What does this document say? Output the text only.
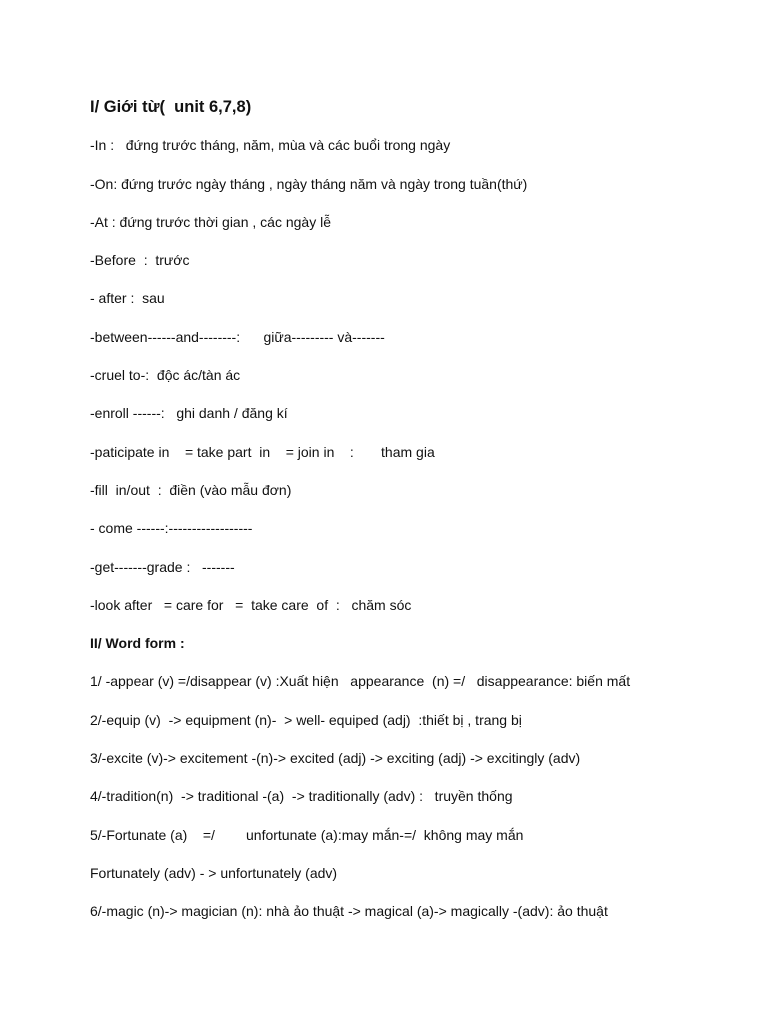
I/ Giới từ(  unit 6,7,8)
-In :   đứng trước tháng, năm, mùa và các buổi trong ngày
-On: đứng trước ngày tháng , ngày tháng năm và ngày trong tuần(thứ)
-At : đứng trước thời gian , các ngày lễ
-Before  :  trước
- after :  sau
-between------and--------:      giữa--------- và-------
-cruel to-:  độc ác/tàn ác
-enroll ------:   ghi danh / đăng kí
-paticipate in    = take part  in    = join in    :       tham gia
-fill  in/out  :  điền (vào mẫu đơn)
- come ------:------------------
-get-------grade :   -------
-look after   = care for   =  take care  of  :   chăm sóc
II/ Word form :
1/ -appear (v) =/disappear (v) :Xuất hiện   appearance  (n) =/   disappearance: biến mất
2/-equip (v)  -> equipment (n)-  > well- equiped (adj)  :thiết bị , trang bị
3/-excite (v)-> excitement -(n)-> excited (adj) -> exciting (adj) -> excitingly (adv)
4/-tradition(n)  -> traditional -(a)  -> traditionally (adv) :   truyền thống
5/-Fortunate (a)    =/        unfortunate (a):may mắn-=/  không may mắn
Fortunately (adv) - > unfortunately (adv)
6/-magic (n)-> magician (n): nhà ảo thuật -> magical (a)-> magically -(adv): ảo thuật
